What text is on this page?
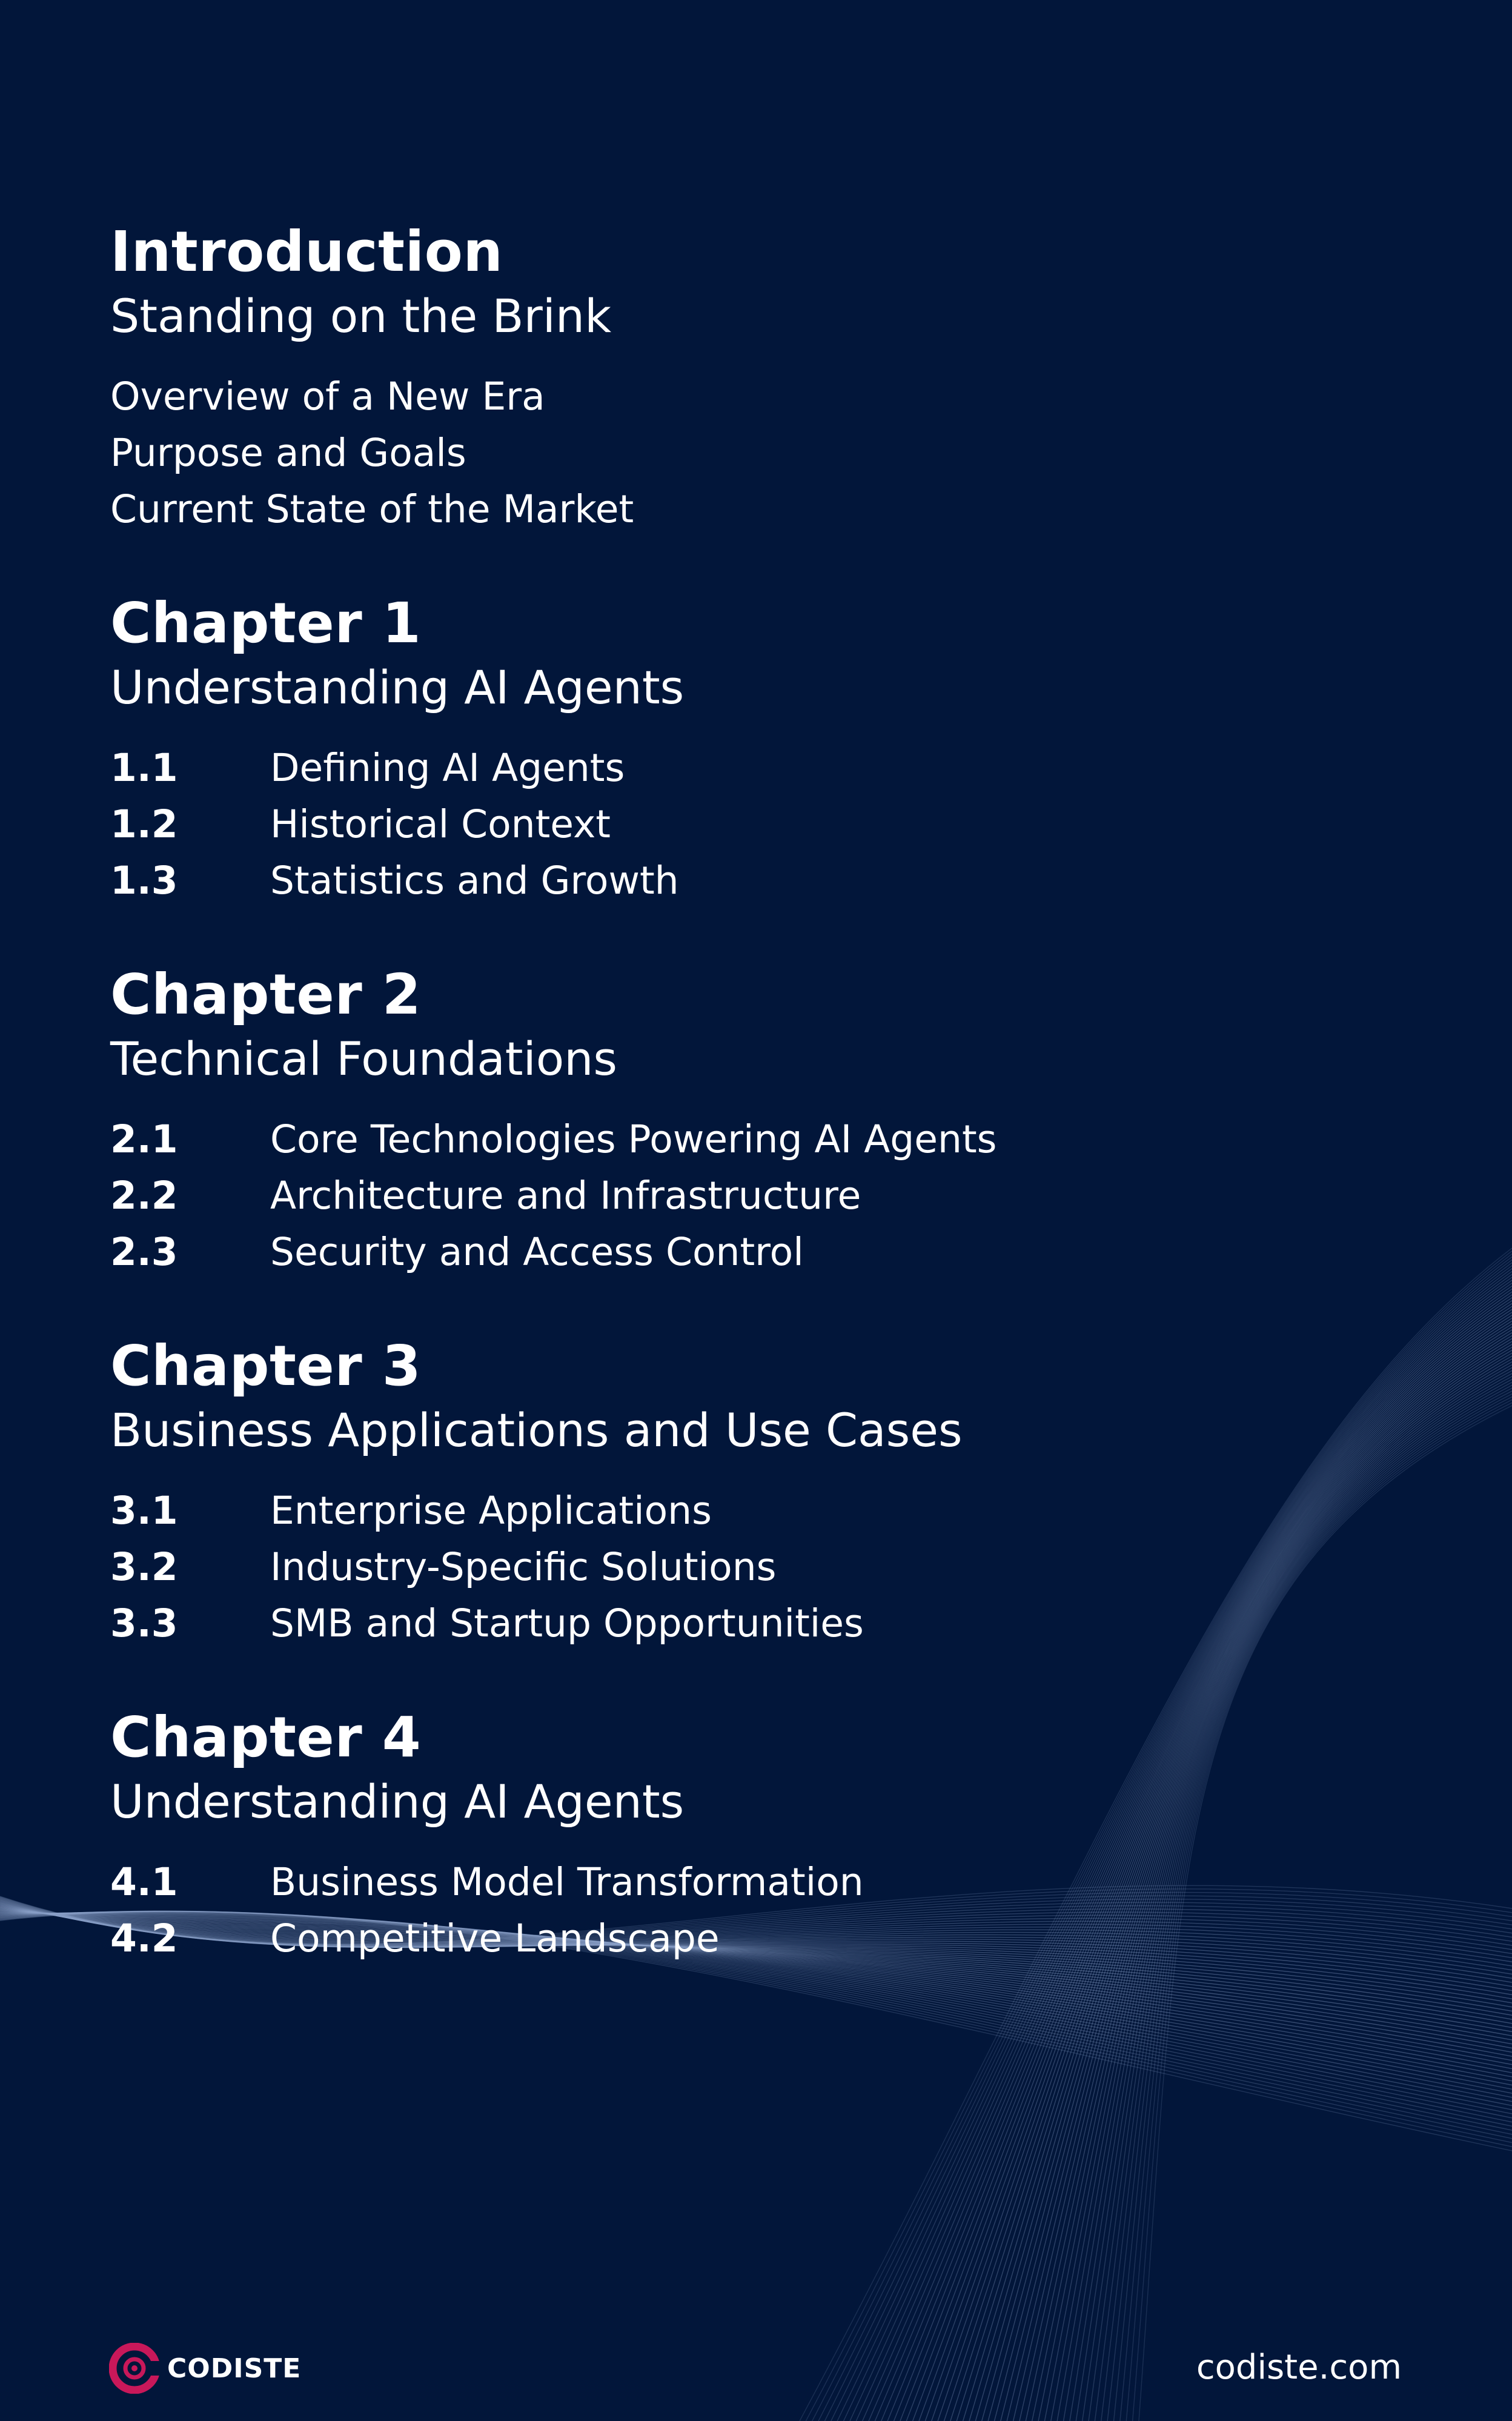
Introduction
Standing on the Brink
Overview of a New Era
Purpose and Goals
Current State of the Market
Chapter 1
Understanding AI Agents
1.1	Defining AI Agents
1.2	Historical Context
1.3	Statistics and Growth
Chapter 2
Technical Foundations
2.1	Core Technologies Powering AI Agents
2.2	Architecture and Infrastructure
2.3	Security and Access Control
Chapter 3
Business Applications and Use Cases
3.1	Enterprise Applications
3.2	Industry-Specific Solutions
3.3	SMB and Startup Opportunities
Chapter 4
Understanding AI Agents
4.1	Business Model Transformation
4.2	Competitive Landscape
CODISTE	codiste.com
